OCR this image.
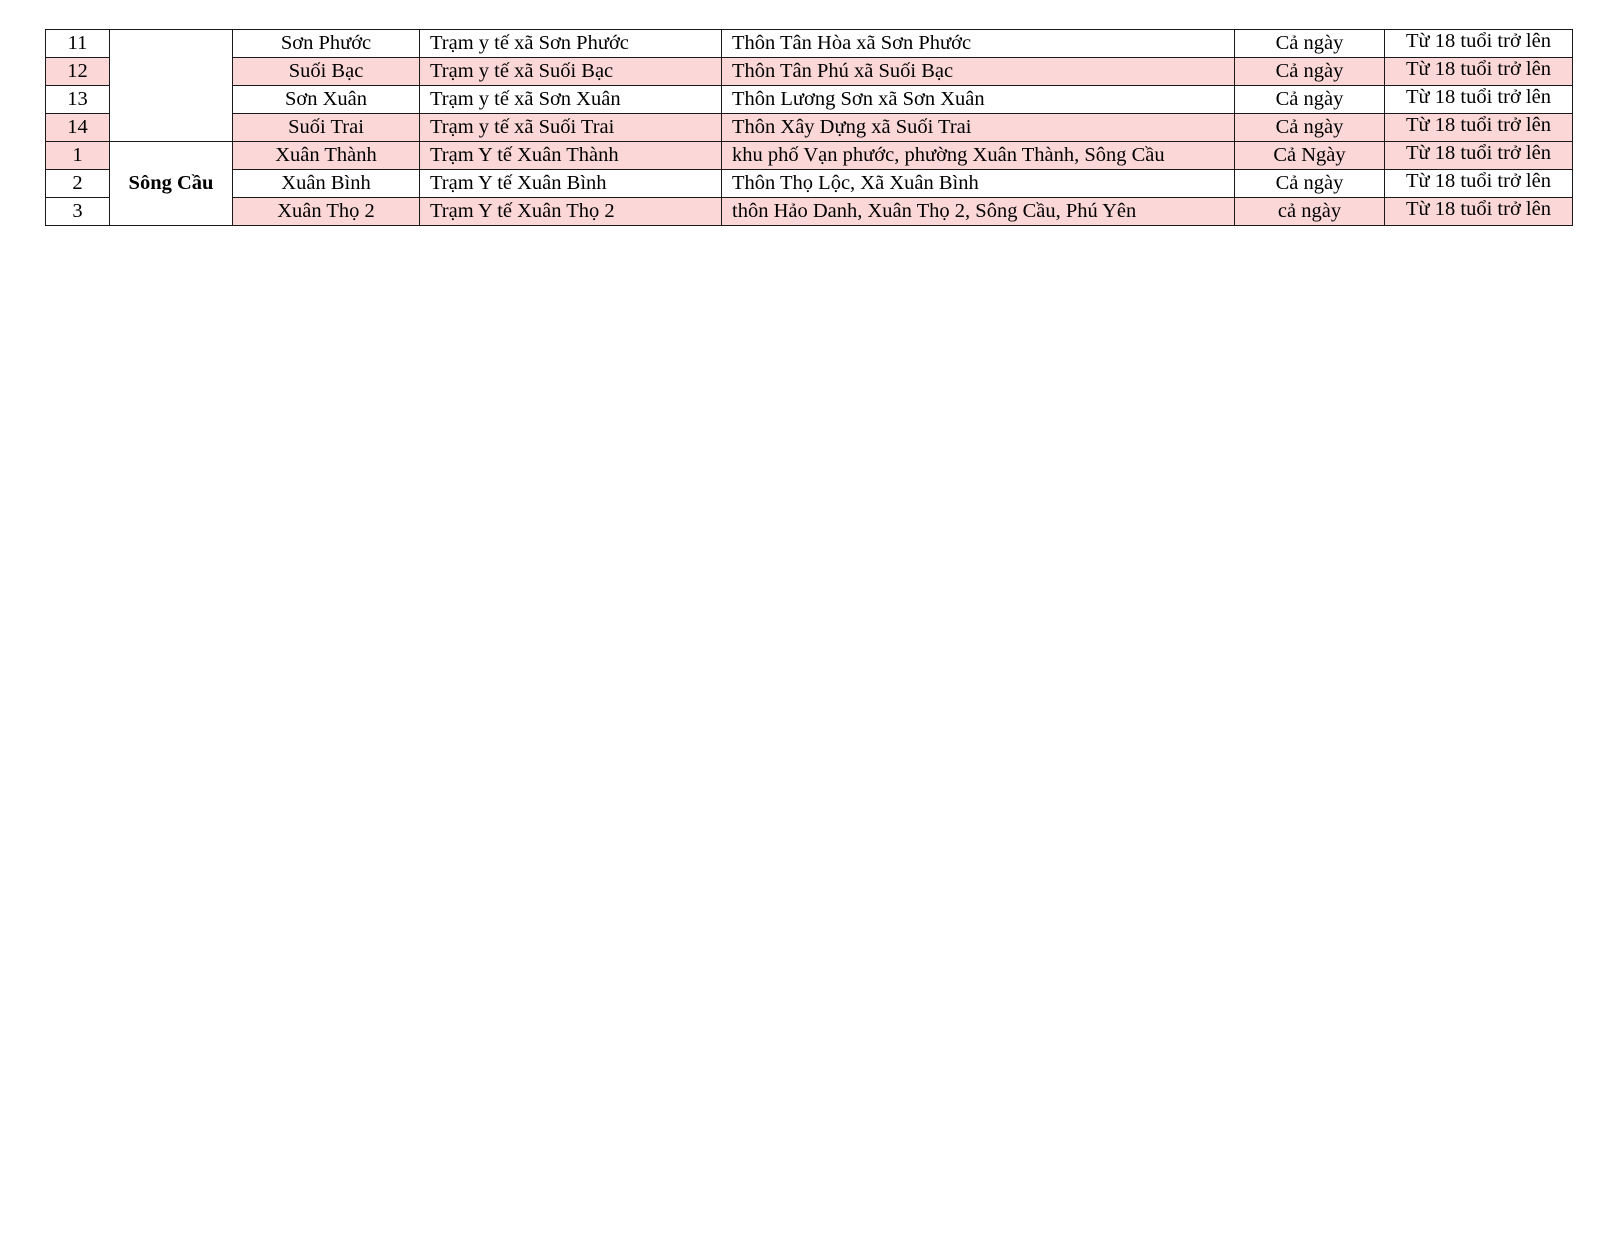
11		Sơn Phước	Trạm y tế xã Sơn Phước	Thôn Tân Hòa xã Sơn Phước	Cả ngày	Từ 18 tuổi trở lên
12		Suối Bạc	Trạm y tế xã Suối Bạc	Thôn Tân Phú xã Suối Bạc	Cả ngày	Từ 18 tuổi trở lên
13		Sơn Xuân	Trạm y tế xã Sơn Xuân	Thôn Lương Sơn xã Sơn Xuân	Cả ngày	Từ 18 tuổi trở lên
14		Suối Trai	Trạm y tế xã Suối Trai	Thôn Xây Dựng xã Suối Trai	Cả ngày	Từ 18 tuổi trở lên
1	Sông Cầu	Xuân Thành	Trạm Y tế Xuân Thành	khu phố Vạn phước, phường Xuân Thành, Sông Cầu	Cả Ngày	Từ 18 tuổi trở lên
2		Xuân Bình	Trạm Y tế Xuân Bình	Thôn Thọ Lộc, Xã Xuân Bình	Cả ngày	Từ 18 tuổi trở lên
3		Xuân Thọ 2	Trạm Y tế Xuân Thọ 2	thôn Hảo Danh, Xuân Thọ 2, Sông Cầu, Phú Yên	cả ngày	Từ 18 tuổi trở lên
